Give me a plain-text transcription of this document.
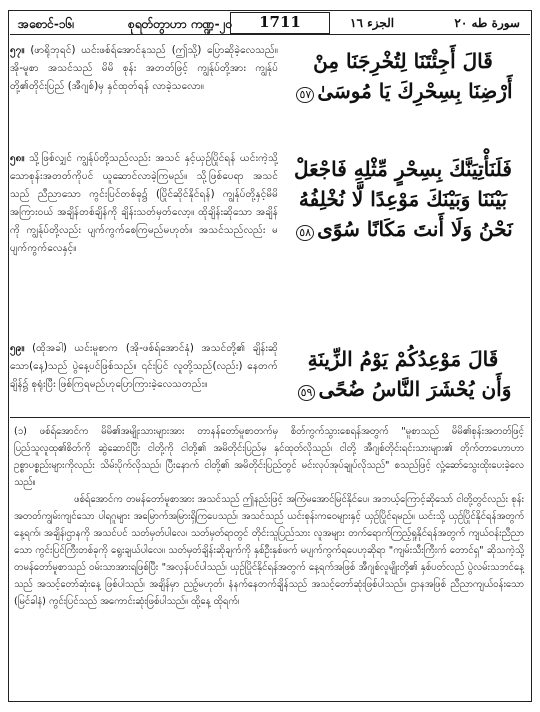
အစောင်-၁၆၊	စုရတ်တွာဟာ ကဏ္ဍ-၂၀	1711	الجزء ١٦	سورة طه ٢٠
၅၇။ (ဖာရိုဘုရင်) ယင်းဖစ်ရ်အောင်နုသည် (ဤသို့) ပြောဆိုခဲ့လေသည်။ အို-မူစာ အသင်သည် မိမိ စုန်း အတတ်ဖြင့် ကျွန်ုပ်တို့အား ကျွန်ုပ်တို့၏တိုင်းပြည် (အီဂျစ်)မှ နှင်ထုတ်ရန် လာခဲ့သလော။
قَالَ أَجِئْتَنَا لِتُخْرِجَنَا مِنْ
أَرْضِنَا بِسِحْرِكَ يَا مُوسَىٰ٥٧
၅၈။ သို့ဖြစ်လျှင် ကျွန်ုပ်တို့သည်လည်း အသင် နှင့်ယှဉ်ပြိုင်ရန် ယင်းကဲ့သို့သောစုန်းအတတ်ကိုပင် ယူဆောင်လာခဲ့ကြမည်။ သို့ဖြစ်ပေရာ အသင်သည် ညီညာသော ကွင်းပြင်တစ်ခု၌ (ပြိုင်ဆိုင်နိုင်ရန်) ကျွန်ုပ်တို့နှင့်မိမိအကြားဝယ် အချိန်တစ်ချိန်ကို ချိန်းသတ်မှတ်လော့။ ထိုချိန်းဆိုသော အချိန်ကို ကျွန်ုပ်တို့လည်း ပျက်ကွက်စေကြမည်မဟုတ်။ အသင်သည်လည်း မပျက်ကွက်လေနှင့်။
فَلَنَأْتِيَنَّكَ بِسِحْرٍ مِّثْلِهِ فَاجْعَلْ
بَيْنَنَا وَبَيْنَكَ مَوْعِدًا لَّا نُخْلِفُهُ
نَحْنُ وَلَا أَنتَ مَكَانًا سُوًى٥٨
၅၉။ (ထိုအခါ) ယင်းမူစာက (အို-ဖစ်ရ်အောင်နုံ) အသင်တို့၏ ချိန်းဆိုသော(နေ့)သည် ပွဲနေ့ပင်ဖြစ်သည်။ ၎င်းပြင် လူတို့သည်(လည်း) နေတက်ချိန်၌ စုရုံးပြီး ဖြစ်ကြရမည်ဟုပြောကြားခဲ့လေသတည်း။
قَالَ مَوْعِدُكُمْ يَوْمُ الزِّينَةِ
وَأَن يُحْشَرَ النَّاسُ ضُحًى٥٩

(၁) ဖစ်ရ်အောင်က မိမိ၏အမျိုးသားများအား တာနန်တော်မူစာတက်မှ စိတ်ကွက်သွားစေရန်အတွက် "မူစာသည် မိမိ၏စုန်းအတတ်ဖြင့် ပြည်သူလူထု၏စိတ်ကို ဆွဲဆောင်ပြီး ငါတို့ကို ငါတို့၏ အမိတိုင်းပြည်မှ နှင်ထုတ်လိုသည်၊ ငါတို့ အီဂျစ်တိုင်းရင်းသားများ၏ တိုက်တာဟောဟာ ဥစ္စာပစ္စည်းများကိုလည်း သိမ်းပိုက်လိုသည်၊ ပြီးနောက် ငါတို့၏ အမိတိုင်းပြည်တွင် မင်းလုပ်အုပ်ချုပ်လိုသည်" စသည်ဖြင့် လှုံ့ဆော်သွေးထိုးပေးခဲ့လေသည်။

ဖစ်ရ်အောင်က တမန်တော်မူစာအား အသင်သည် ဤနည်းဖြင့် အကြံမအောင်မြင်နိုင်ပေ၊ အဘယ့်ကြောင့်ဆိုသော် ငါတို့တွင်လည်း စုန်းအတတ်ကျွမ်းကျင်သော ပါရဂူများ အမြောက်အမြားရှိကြပေသည်၊ အသင်သည် ယင်းစုန်းကဝေများနှင့် ယှဉ်ပြိုင်ရမည်။ ယင်းသို့ ယှဉ်ပြိုင်နိုင်ရန်အတွက် နေ့ရက်၊ အချိန်၊ဌာနကို အသင်ပင် သတ်မှတ်ပါလေ၊ သတ်မှတ်ရာတွင် တိုင်းသူပြည်သား လူအများ တက်ရောက်ကြည့်ရှုနိုင်ရန်အတွက် ကျယ်ဝန်းညီညာသော ကွင်းပြင်ကြီးတစ်ခုကို ရွေးချယ်ပါလေ။ သတ်မှတ်ချိန်းဆိုချက်ကို နှစ်ဦးနှစ်ဖက် မပျက်ကွက်ရပေဟုဆိုရာ "ကျမ်းသီးကြီးက် တောင်ရှ" ဆိုသကဲ့သို့ တမန်တော်မူစာသည် ဝမ်းသာအားရဖြစ်ပြီး "အလှန်ပင်ပါသည်၊ ယှဉ်ပြိုင်နိုင်ရန်အတွက် နေ့ရက်အဖြစ် အီဂျစ်လူမျိုးတို့၏ နှစ်ပတ်လည် ပွဲလမ်းသဘင်နေ့သည် အသင့်တော်ဆုံးနေ့ ဖြစ်ပါသည်၊ အချိန်မှာ ညဉ့်မဟုတ်၊ နံနက်နေတက်ချိန်သည် အသင့်တော်ဆုံးဖြစ်ပါသည်။ ဌာနအဖြစ် ညီညာကျယ်ဝန်းသော (မြင်ခါနံ) ကွင်းပြင်သည် အကောင်းဆုံးဖြစ်ပါသည်။ ထို့နေ့ ထိုရက်၊
